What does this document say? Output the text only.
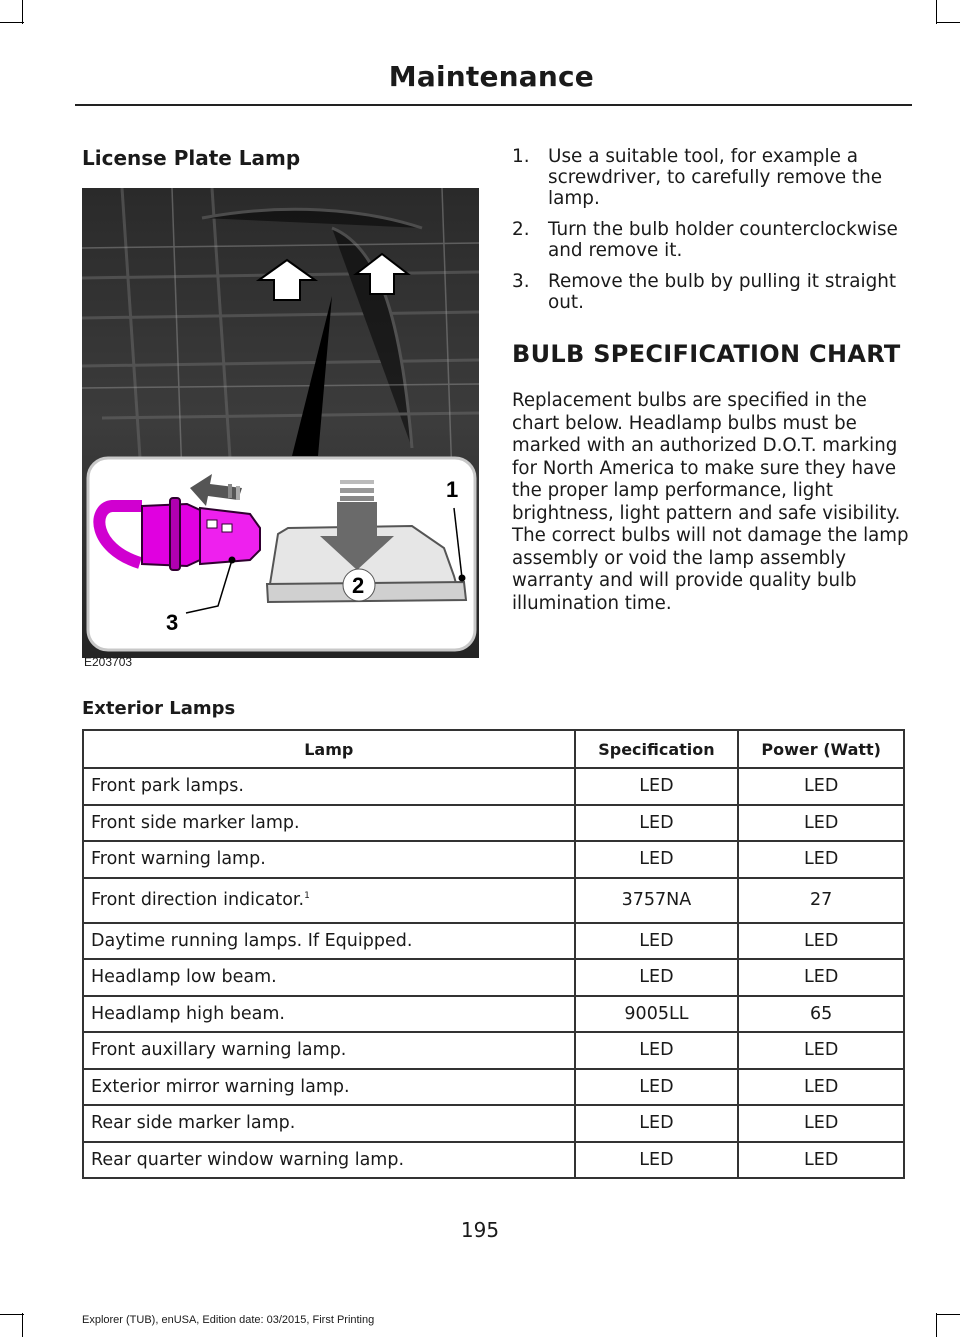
Maintenance
License Plate Lamp
1
2
3
E203703
1. Use a suitable tool, for example a screwdriver, to carefully remove the lamp.
2. Turn the bulb holder counterclockwise and remove it.
3. Remove the bulb by pulling it straight out.
BULB SPECIFICATION CHART

Replacement bulbs are specified in the chart below. Headlamp bulbs must be marked with an authorized D.O.T. marking for North America to make sure they have the proper lamp performance, light brightness, light pattern and safe visibility. The correct bulbs will not damage the lamp assembly or void the lamp assembly warranty and will provide quality bulb illumination time.

Exterior Lamps
Lamp	Specification	Power (Watt)
Front park lamps.	LED	LED
Front side marker lamp.	LED	LED
Front warning lamp.	LED	LED
Front direction indicator.$^1$	3757NA	27
Daytime running lamps. If Equipped.	LED	LED
Headlamp low beam.	LED	LED
Headlamp high beam.	9005LL	65
Front auxillary warning lamp.	LED	LED
Exterior mirror warning lamp.	LED	LED
Rear side marker lamp.	LED	LED
Rear quarter window warning lamp.	LED	LED
195
Explorer (TUB), enUSA, Edition date: 03/2015, First Printing
